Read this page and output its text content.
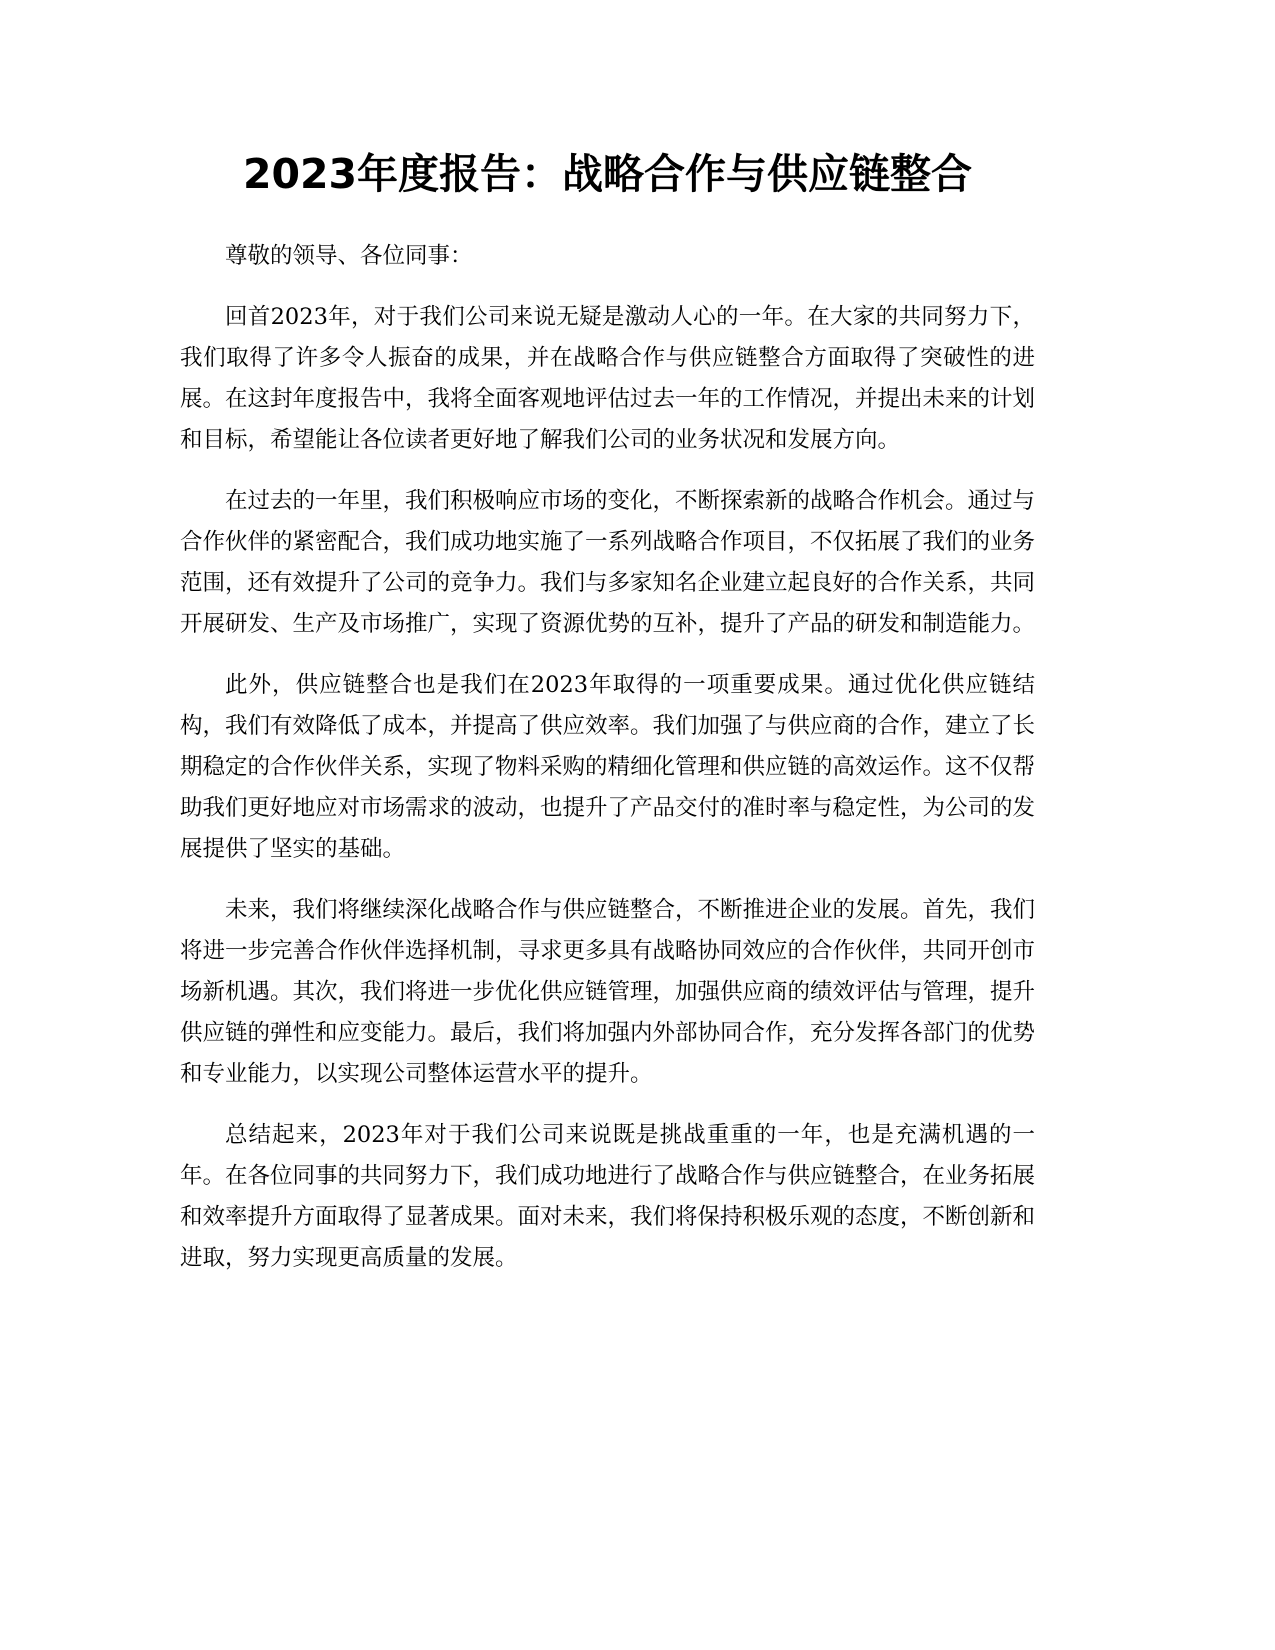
2023年度报告：战略合作与供应链整合

尊敬的领导、各位同事：

回首2023年，对于我们公司来说无疑是激动人心的一年。在大家的共同努力下，我们取得了许多令人振奋的成果，并在战略合作与供应链整合方面取得了突破性的进展。在这封年度报告中，我将全面客观地评估过去一年的工作情况，并提出未来的计划和目标，希望能让各位读者更好地了解我们公司的业务状况和发展方向。

在过去的一年里，我们积极响应市场的变化，不断探索新的战略合作机会。通过与合作伙伴的紧密配合，我们成功地实施了一系列战略合作项目，不仅拓展了我们的业务范围，还有效提升了公司的竞争力。我们与多家知名企业建立起良好的合作关系，共同开展研发、生产及市场推广，实现了资源优势的互补，提升了产品的研发和制造能力。

此外，供应链整合也是我们在2023年取得的一项重要成果。通过优化供应链结构，我们有效降低了成本，并提高了供应效率。我们加强了与供应商的合作，建立了长期稳定的合作伙伴关系，实现了物料采购的精细化管理和供应链的高效运作。这不仅帮助我们更好地应对市场需求的波动，也提升了产品交付的准时率与稳定性，为公司的发展提供了坚实的基础。

未来，我们将继续深化战略合作与供应链整合，不断推进企业的发展。首先，我们将进一步完善合作伙伴选择机制，寻求更多具有战略协同效应的合作伙伴，共同开创市场新机遇。其次，我们将进一步优化供应链管理，加强供应商的绩效评估与管理，提升供应链的弹性和应变能力。最后，我们将加强内外部协同合作，充分发挥各部门的优势和专业能力，以实现公司整体运营水平的提升。

总结起来，2023年对于我们公司来说既是挑战重重的一年，也是充满机遇的一年。在各位同事的共同努力下，我们成功地进行了战略合作与供应链整合，在业务拓展和效率提升方面取得了显著成果。面对未来，我们将保持积极乐观的态度，不断创新和进取，努力实现更高质量的发展。
